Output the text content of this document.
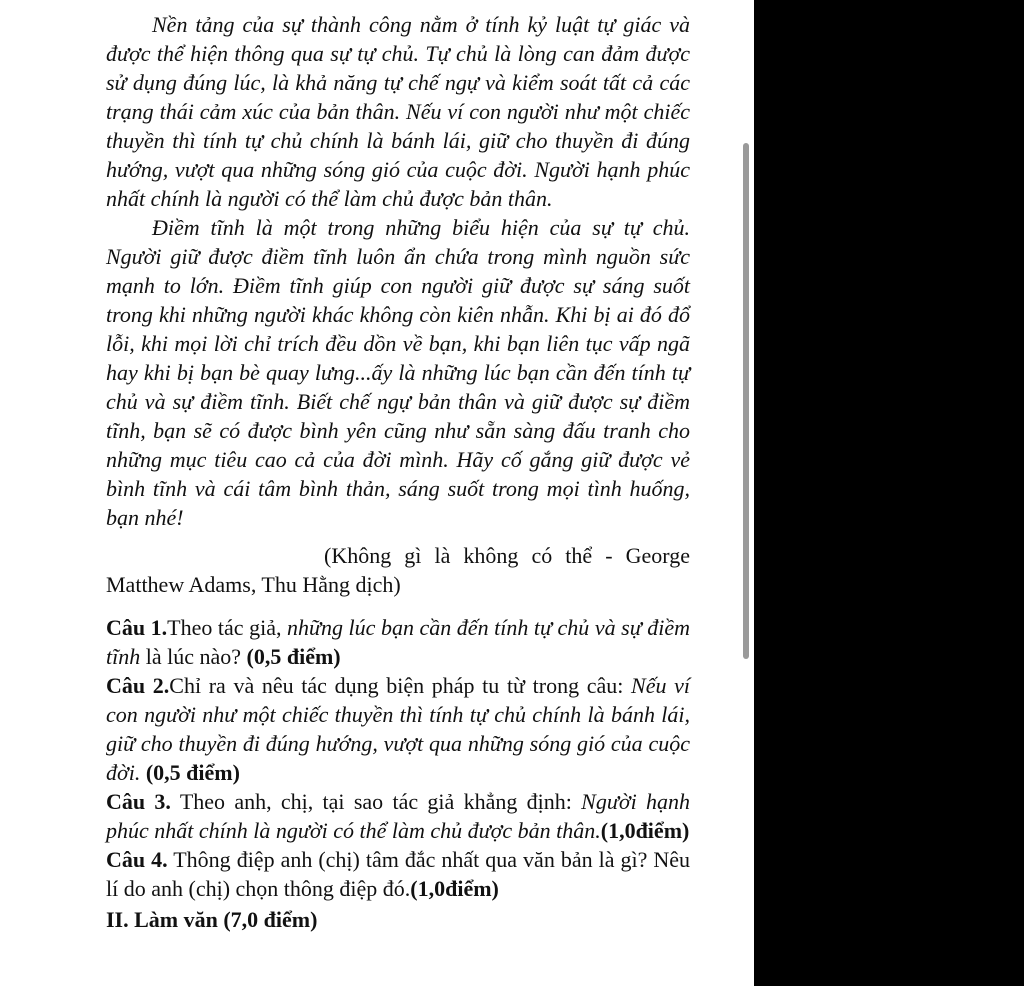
Nền tảng của sự thành công nằm ở tính kỷ luật tự giác và được thể hiện thông qua sự tự chủ. Tự chủ là lòng can đảm được sử dụng đúng lúc, là khả năng tự chế ngự và kiểm soát tất cả các trạng thái cảm xúc của bản thân. Nếu ví con người như một chiếc thuyền thì tính tự chủ chính là bánh lái, giữ cho thuyền đi đúng hướng, vượt qua những sóng gió của cuộc đời. Người hạnh phúc nhất chính là người có thể làm chủ được bản thân.

Điềm tĩnh là một trong những biểu hiện của sự tự chủ. Người giữ được điềm tĩnh luôn ẩn chứa trong mình nguồn sức mạnh to lớn. Điềm tĩnh giúp con người giữ được sự sáng suốt trong khi những người khác không còn kiên nhẫn. Khi bị ai đó đổ lỗi, khi mọi lời chỉ trích đều dồn về bạn, khi bạn liên tục vấp ngã hay khi bị bạn bè quay lưng...ấy là những lúc bạn cần đến tính tự chủ và sự điềm tĩnh. Biết chế ngự bản thân và giữ được sự điềm tĩnh, bạn sẽ có được bình yên cũng như sẵn sàng đấu tranh cho những mục tiêu cao cả của đời mình. Hãy cố gắng giữ được vẻ bình tĩnh và cái tâm bình thản, sáng suốt trong mọi tình huống, bạn nhé!

(Không gì là không có thể - George Matthew Adams, Thu Hằng dịch)

Câu 1.Theo tác giả, những lúc bạn cần đến tính tự chủ và sự điềm tĩnh là lúc nào? (0,5 điểm)

Câu 2.Chỉ ra và nêu tác dụng biện pháp tu từ trong câu: Nếu ví con người như một chiếc thuyền thì tính tự chủ chính là bánh lái, giữ cho thuyền đi đúng hướng, vượt qua những sóng gió của cuộc đời. (0,5 điểm)

Câu 3. Theo anh, chị, tại sao tác giả khẳng định: Người hạnh phúc nhất chính là người có thể làm chủ được bản thân.(1,0điểm)

Câu 4. Thông điệp anh (chị) tâm đắc nhất qua văn bản là gì? Nêu lí do anh (chị) chọn thông điệp đó.(1,0điểm)

II. Làm văn (7,0 điểm)
